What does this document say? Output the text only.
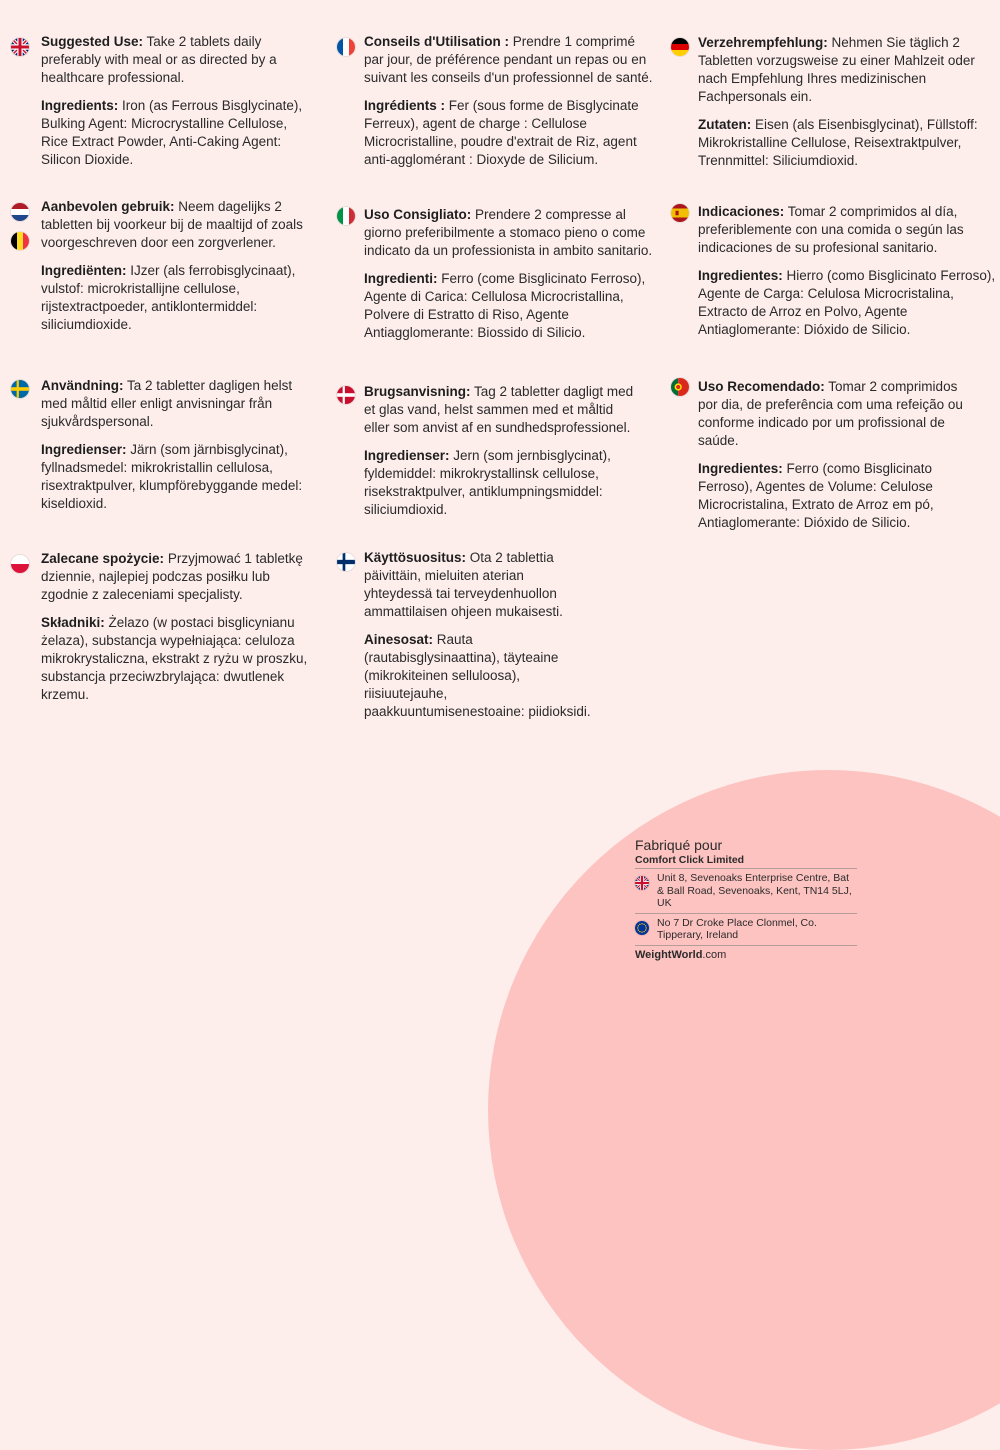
Suggested Use: Take 2 tablets daily preferably with meal or as directed by a healthcare professional.

Ingredients: Iron (as Ferrous Bisglycinate), Bulking Agent: Microcrystalline Cellulose, Rice Extract Powder, Anti-Caking Agent: Silicon Dioxide.

Aanbevolen gebruik: Neem dagelijks 2 tabletten bij voorkeur bij de maaltijd of zoals voorgeschreven door een zorgverlener.

Ingrediënten: IJzer (als ferrobisglycinaat), vulstof: microkristallijne cellulose, rijstextractpoeder, antiklontermiddel: siliciumdioxide.

Användning: Ta 2 tabletter dagligen helst med måltid eller enligt anvisningar från sjukvårdspersonal.

Ingredienser: Järn (som järnbisglycinat), fyllnadsmedel: mikrokristallin cellulosa, risextraktpulver, klumpförebyggande medel: kiseldioxid.

Zalecane spożycie: Przyjmować 1 tabletkę dziennie, najlepiej podczas posiłku lub zgodnie z zaleceniami specjalisty.

Składniki: Żelazo (w postaci bisglicynianu żelaza), substancja wypełniająca: celuloza mikrokrystaliczna, ekstrakt z ryżu w proszku, substancja przeciwzbrylająca: dwutlenek krzemu.

Conseils d'Utilisation : Prendre 1 comprimé par jour, de préférence pendant un repas ou en suivant les conseils d'un professionnel de santé.

Ingrédients : Fer (sous forme de Bisglycinate Ferreux), agent de charge : Cellulose Microcristalline, poudre d'extrait de Riz, agent anti-agglomérant : Dioxyde de Silicium.

Uso Consigliato: Prendere 2 compresse al giorno preferibilmente a stomaco pieno o come indicato da un professionista in ambito sanitario.

Ingredienti: Ferro (come Bisglicinato Ferroso), Agente di Carica: Cellulosa Microcristallina, Polvere di Estratto di Riso, Agente Antiagglomerante: Biossido di Silicio.

Brugsanvisning: Tag 2 tabletter dagligt med et glas vand, helst sammen med et måltid eller som anvist af en sundhedsprofessionel.

Ingredienser: Jern (som jernbisglycinat), fyldemiddel: mikrokrystallinsk cellulose, risekstraktpulver, antiklumpningsmiddel: siliciumdioxid.

Käyttösuositus: Ota 2 tablettia päivittäin, mieluiten aterian yhteydessä tai terveydenhuollon ammattilaisen ohjeen mukaisesti.

Ainesosat: Rauta (rautabisglysinaattina), täyteaine (mikrokiteinen selluloosa), riisiuutejauhe, paakkuuntumisenestoaine: piidioksidi.

Verzehrempfehlung: Nehmen Sie täglich 2 Tabletten vorzugsweise zu einer Mahlzeit oder nach Empfehlung Ihres medizinischen Fachpersonals ein.

Zutaten: Eisen (als Eisenbisglycinat), Füllstoff: Mikrokristalline Cellulose, Reisextraktpulver, Trennmittel: Siliciumdioxid.

Indicaciones: Tomar 2 comprimidos al día, preferiblemente con una comida o según las indicaciones de su profesional sanitario.

Ingredientes: Hierro (como Bisglicinato Ferroso), Agente de Carga: Celulosa Microcristalina, Extracto de Arroz en Polvo, Agente Antiaglomerante: Dióxido de Silicio.

Uso Recomendado: Tomar 2 comprimidos por dia, de preferência com uma refeição ou conforme indicado por um profissional de saúde.

Ingredientes: Ferro (como Bisglicinato Ferroso), Agentes de Volume: Celulose Microcristalina, Extrato de Arroz em pó, Antiaglomerante: Dióxido de Silicio.

Fabriqué pour
Comfort Click Limited
Unit 8, Sevenoaks Enterprise Centre, Bat & Ball Road, Sevenoaks, Kent, TN14 5LJ, UK
No 7 Dr Croke Place Clonmel, Co. Tipperary, Ireland
WeightWorld.com
